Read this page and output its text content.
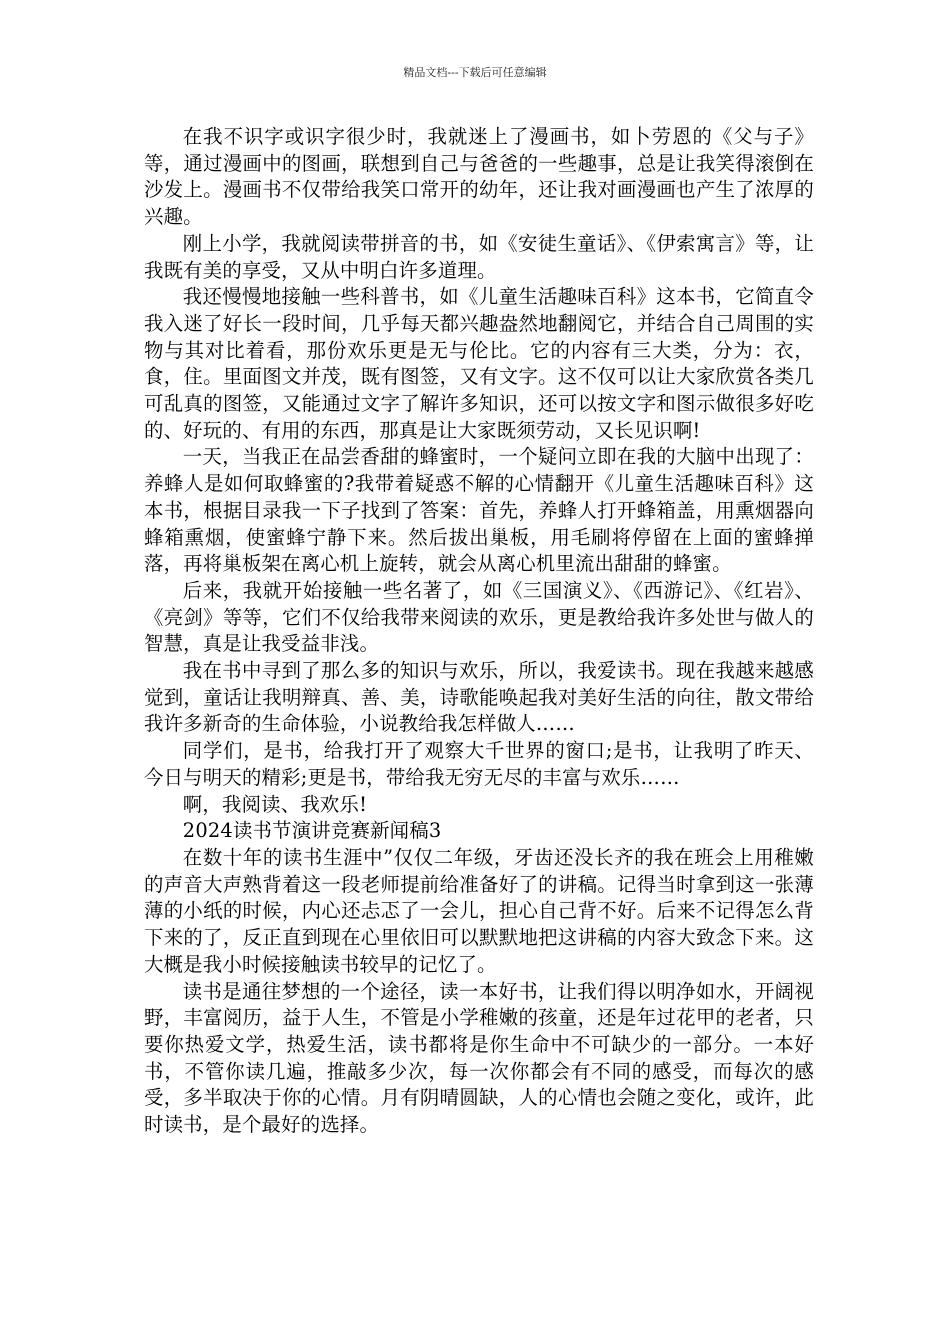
精品文档---下载后可任意编辑

在我不识字或识字很少时，我就迷上了漫画书，如卜劳恩的《父与子》等，通过漫画中的图画，联想到自己与爸爸的一些趣事，总是让我笑得滚倒在沙发上。漫画书不仅带给我笑口常开的幼年，还让我对画漫画也产生了浓厚的兴趣。

刚上小学，我就阅读带拼音的书，如《安徒生童话》、《伊索寓言》等，让我既有美的享受，又从中明白许多道理。

我还慢慢地接触一些科普书，如《儿童生活趣味百科》这本书，它简直令我入迷了好长一段时间，几乎每天都兴趣盎然地翻阅它，并结合自己周围的实物与其对比着看，那份欢乐更是无与伦比。它的内容有三大类，分为：衣，食，住。里面图文并茂，既有图签，又有文字。这不仅可以让大家欣赏各类几可乱真的图签，又能通过文字了解许多知识，还可以按文字和图示做很多好吃的、好玩的、有用的东西，那真是让大家既须劳动，又长见识啊!

一天，当我正在品尝香甜的蜂蜜时，一个疑问立即在我的大脑中出现了：养蜂人是如何取蜂蜜的?我带着疑惑不解的心情翻开《儿童生活趣味百科》这本书，根据目录我一下子找到了答案：首先，养蜂人打开蜂箱盖，用熏烟器向蜂箱熏烟，使蜜蜂宁静下来。然后拔出巢板，用毛刷将停留在上面的蜜蜂掸落，再将巢板架在离心机上旋转，就会从离心机里流出甜甜的蜂蜜。

后来，我就开始接触一些名著了，如《三国演义》、《西游记》、《红岩》、《亮剑》等等，它们不仅给我带来阅读的欢乐，更是教给我许多处世与做人的智慧，真是让我受益非浅。

我在书中寻到了那么多的知识与欢乐，所以，我爱读书。现在我越来越感觉到，童话让我明辩真、善、美，诗歌能唤起我对美好生活的向往，散文带给我许多新奇的生命体验，小说教给我怎样做人……

同学们，是书，给我打开了观察大千世界的窗口;是书，让我明了昨天、今日与明天的精彩;更是书，带给我无穷无尽的丰富与欢乐……

啊，我阅读、我欢乐!

2024读书节演讲竞赛新闻稿3

在数十年的读书生涯中”仅仅二年级，牙齿还没长齐的我在班会上用稚嫩的声音大声熟背着这一段老师提前给准备好了的讲稿。记得当时拿到这一张薄薄的小纸的时候，内心还忐忑了一会儿，担心自己背不好。后来不记得怎么背下来的了，反正直到现在心里依旧可以默默地把这讲稿的内容大致念下来。这大概是我小时候接触读书较早的记忆了。

读书是通往梦想的一个途径，读一本好书，让我们得以明净如水，开阔视野，丰富阅历，益于人生，不管是小学稚嫩的孩童，还是年过花甲的老者，只要你热爱文学，热爱生活，读书都将是你生命中不可缺少的一部分。一本好书，不管你读几遍，推敲多少次，每一次你都会有不同的感受，而每次的感受，多半取决于你的心情。月有阴晴圆缺，人的心情也会随之变化，或许，此时读书，是个最好的选择。
